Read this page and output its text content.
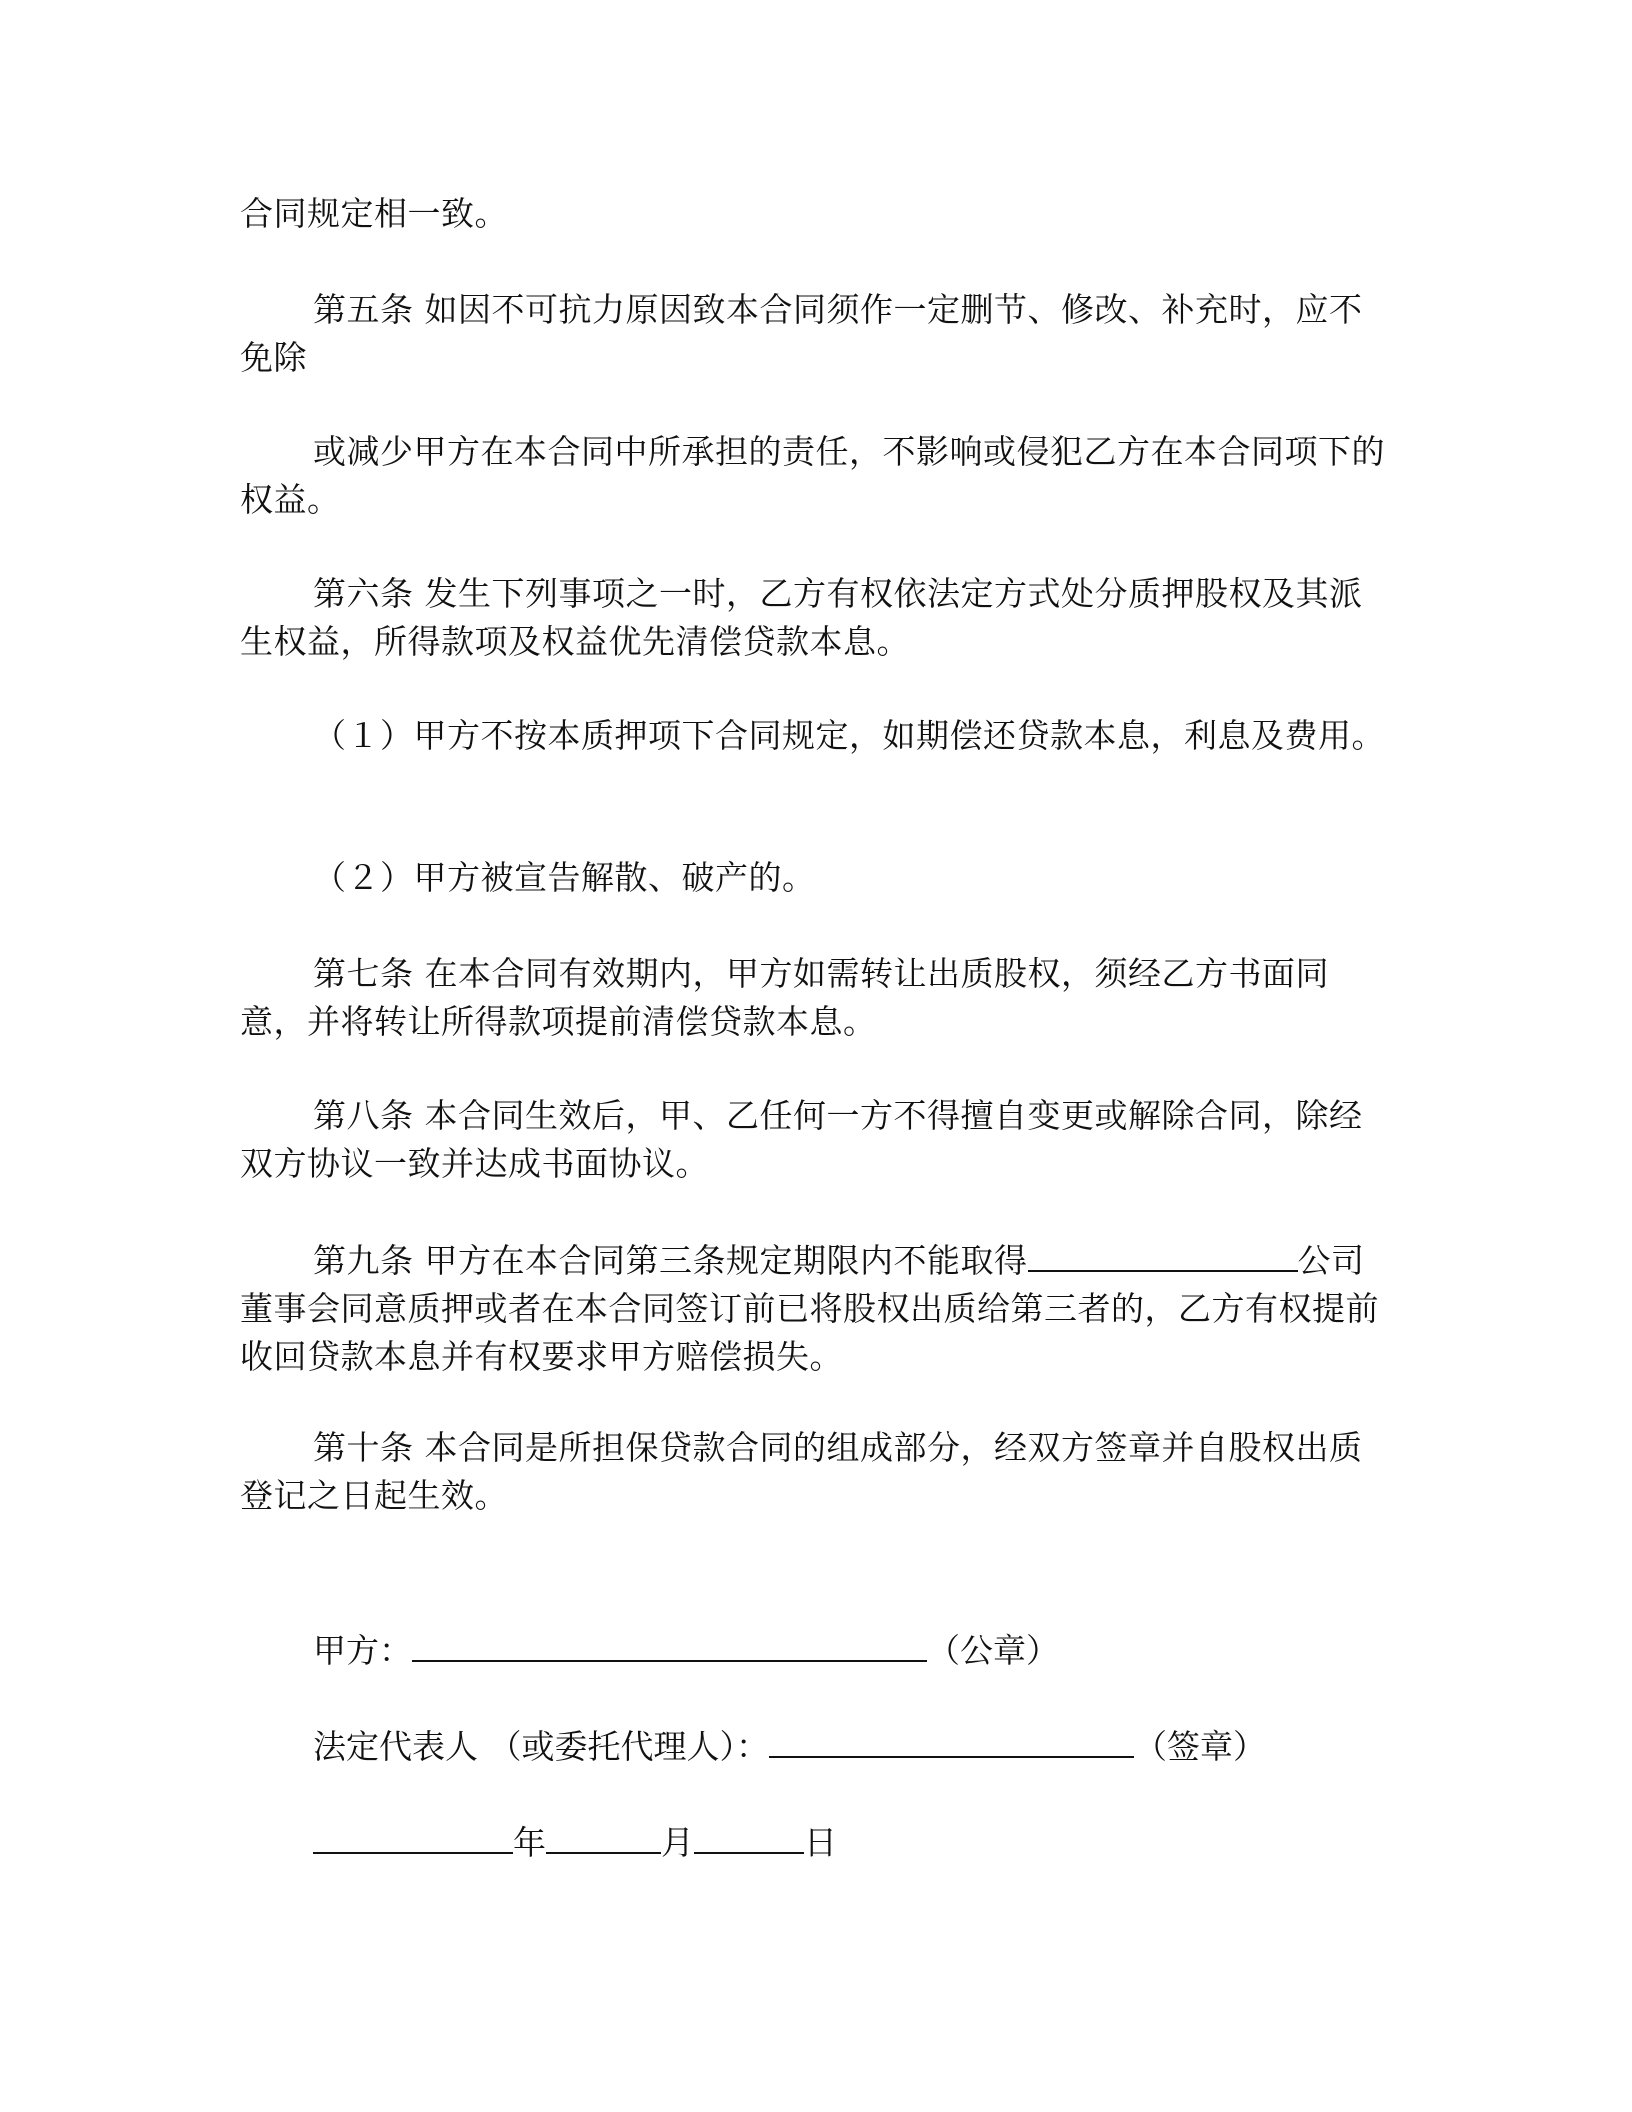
合同规定相一致。

第五条 如因不可抗力原因致本合同须作一定删节、修改、补充时，应不免除

或减少甲方在本合同中所承担的责任，不影响或侵犯乙方在本合同项下的权益。

第六条 发生下列事项之一时，乙方有权依法定方式处分质押股权及其派生权益，所得款项及权益优先清偿贷款本息。

（１）甲方不按本质押项下合同规定，如期偿还贷款本息，利息及费用。

（２）甲方被宣告解散、破产的。

第七条 在本合同有效期内，甲方如需转让出质股权，须经乙方书面同意，并将转让所得款项提前清偿贷款本息。

第八条 本合同生效后，甲、乙任何一方不得擅自变更或解除合同，除经双方协议一致并达成书面协议。

第九条 甲方在本合同第三条规定期限内不能取得	公司董事会同意质押或者在本合同签订前已将股权出质给第三者的，乙方有权提前收回贷款本息并有权要求甲方赔偿损失。

第十条 本合同是所担保贷款合同的组成部分，经双方签章并自股权出质登记之日起生效。

甲方：	（公章）
法定代表人 （或委托代理人）：	（签章）
年	月	日
